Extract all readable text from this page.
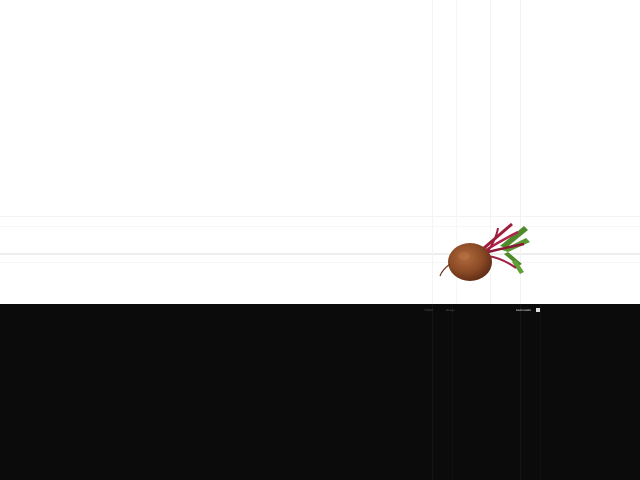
©2010	· design	beetstudio
